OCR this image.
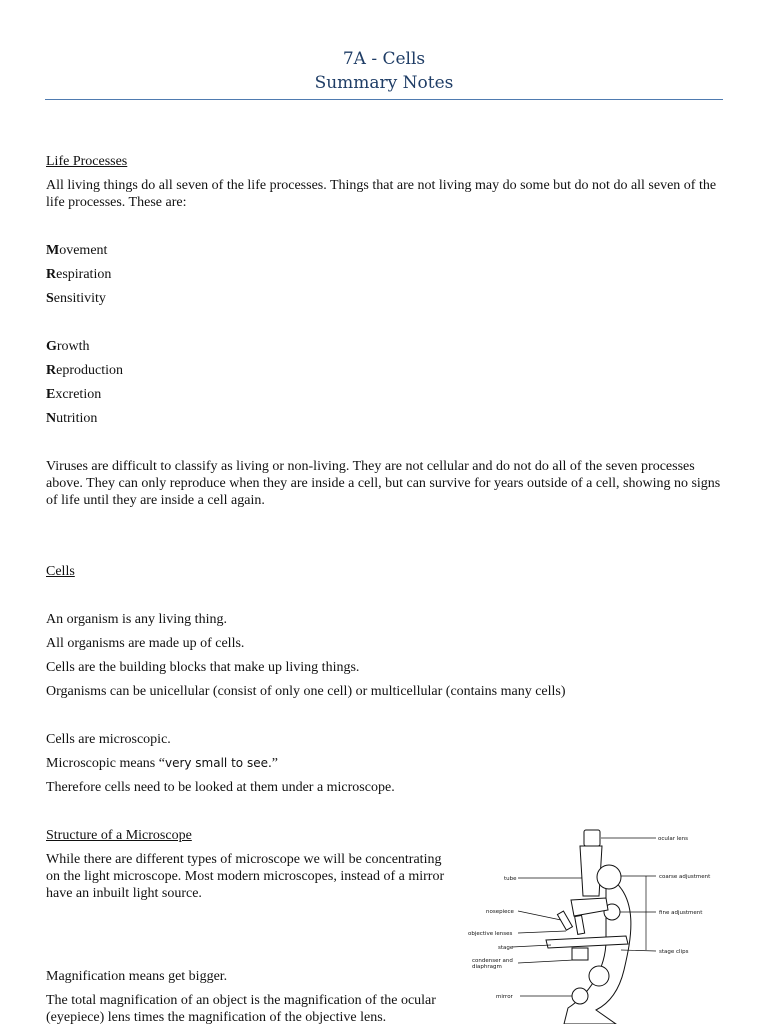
7A - Cells
Summary Notes
Life Processes
All living things do all seven of the life processes. Things that are not living may do some but do not do all seven of the life processes. These are:
Movement
Respiration
Sensitivity
Growth
Reproduction
Excretion
Nutrition
Viruses are difficult to classify as living or non-living. They are not cellular and do not do all of the seven processes above. They can only reproduce when they are inside a cell, but can survive for years outside of a cell, showing no signs of life until they are inside a cell again.
Cells
An organism is any living thing.
All organisms are made up of cells.
Cells are the building blocks that make up living things.
Organisms can be unicellular (consist of only one cell) or multicellular (contains many cells)
Cells are microscopic.
Microscopic means “very small to see.”
Therefore cells need to be looked at them under a microscope.
Structure of a Microscope
While there are different types of microscope we will be concentrating on the light microscope. Most modern microscopes, instead of a mirror have an inbuilt light source.
Magnification means get bigger.
The total magnification of an object is the magnification of the ocular (eyepiece) lens times the magnification of the objective lens.
ocular lens
tube	coarse adjustment
nosepiece	fine adjustment
objective lenses
stage
stage clips
condenser and
diaphragm
mirror
